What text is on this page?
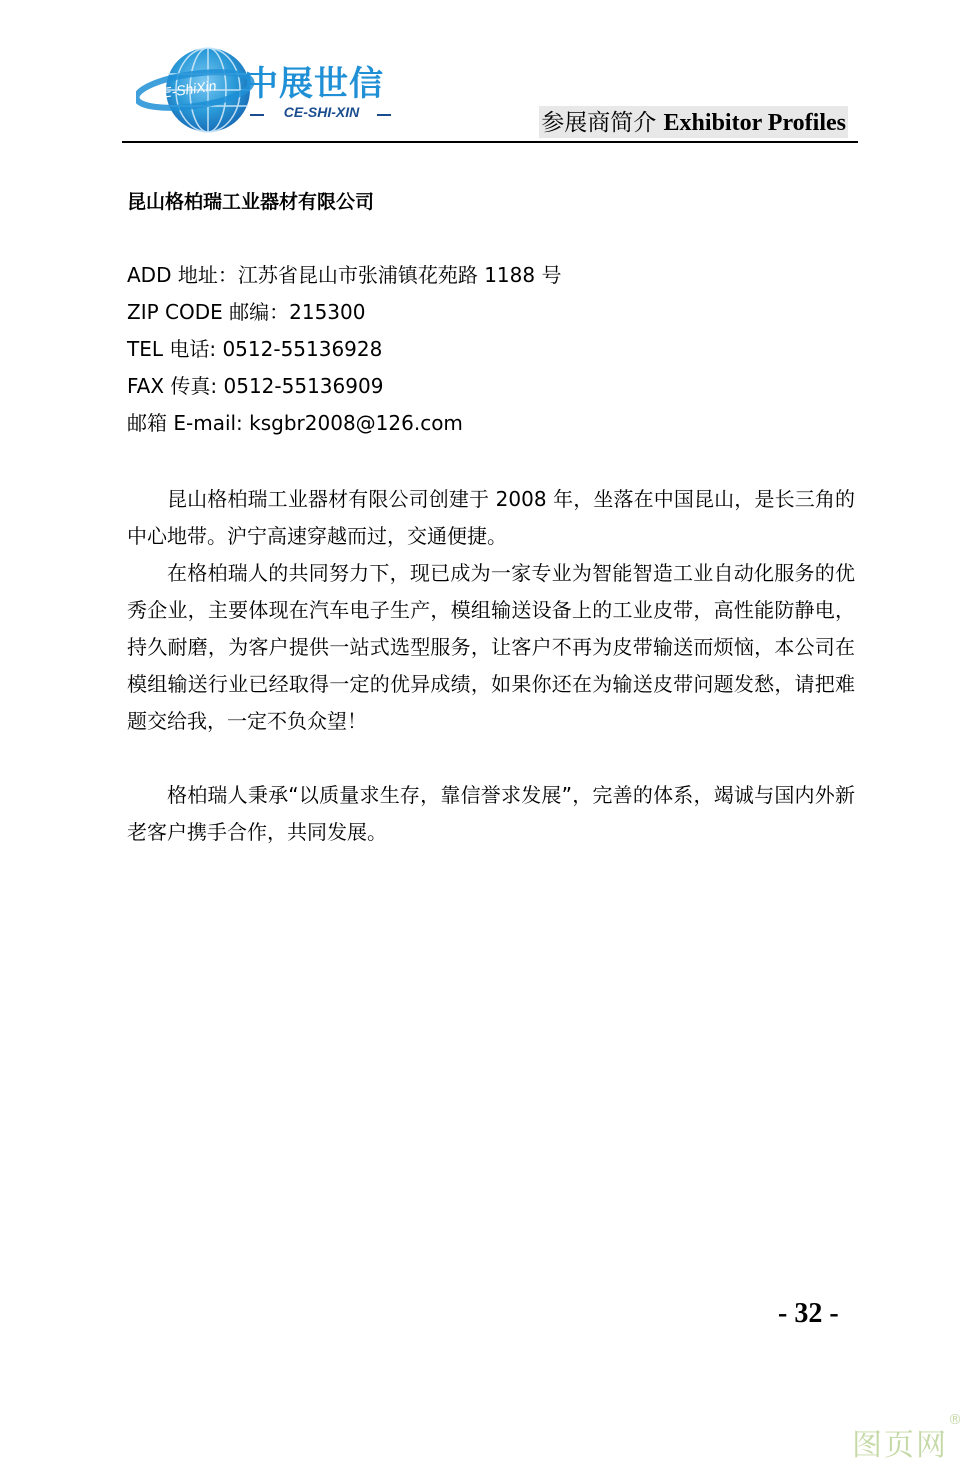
E-ShiXin 中展世信
CE-SHI-XIN	参展商简介 Exhibitor Profiles
昆山格柏瑞工业器材有限公司
ADD 地址：江苏省昆山市张浦镇花苑路 1188 号
ZIP CODE 邮编：215300
TEL 电话: 0512-55136928
FAX 传真: 0512-55136909
邮箱 E-mail: ksgbr2008@126.com

昆山格柏瑞工业器材有限公司创建于 2008 年，坐落在中国昆山，是长三角的中心地带。沪宁高速穿越而过，交通便捷。

在格柏瑞人的共同努力下，现已成为一家专业为智能智造工业自动化服务的优秀企业，主要体现在汽车电子生产，模组输送设备上的工业皮带，高性能防静电，持久耐磨，为客户提供一站式选型服务，让客户不再为皮带输送而烦恼，本公司在模组输送行业已经取得一定的优异成绩，如果你还在为输送皮带问题发愁，请把难题交给我，一定不负众望！

格柏瑞人秉承“以质量求生存，靠信誉求发展”，完善的体系，竭诚与国内外新老客户携手合作，共同发展。

- 32 -
图页网®
